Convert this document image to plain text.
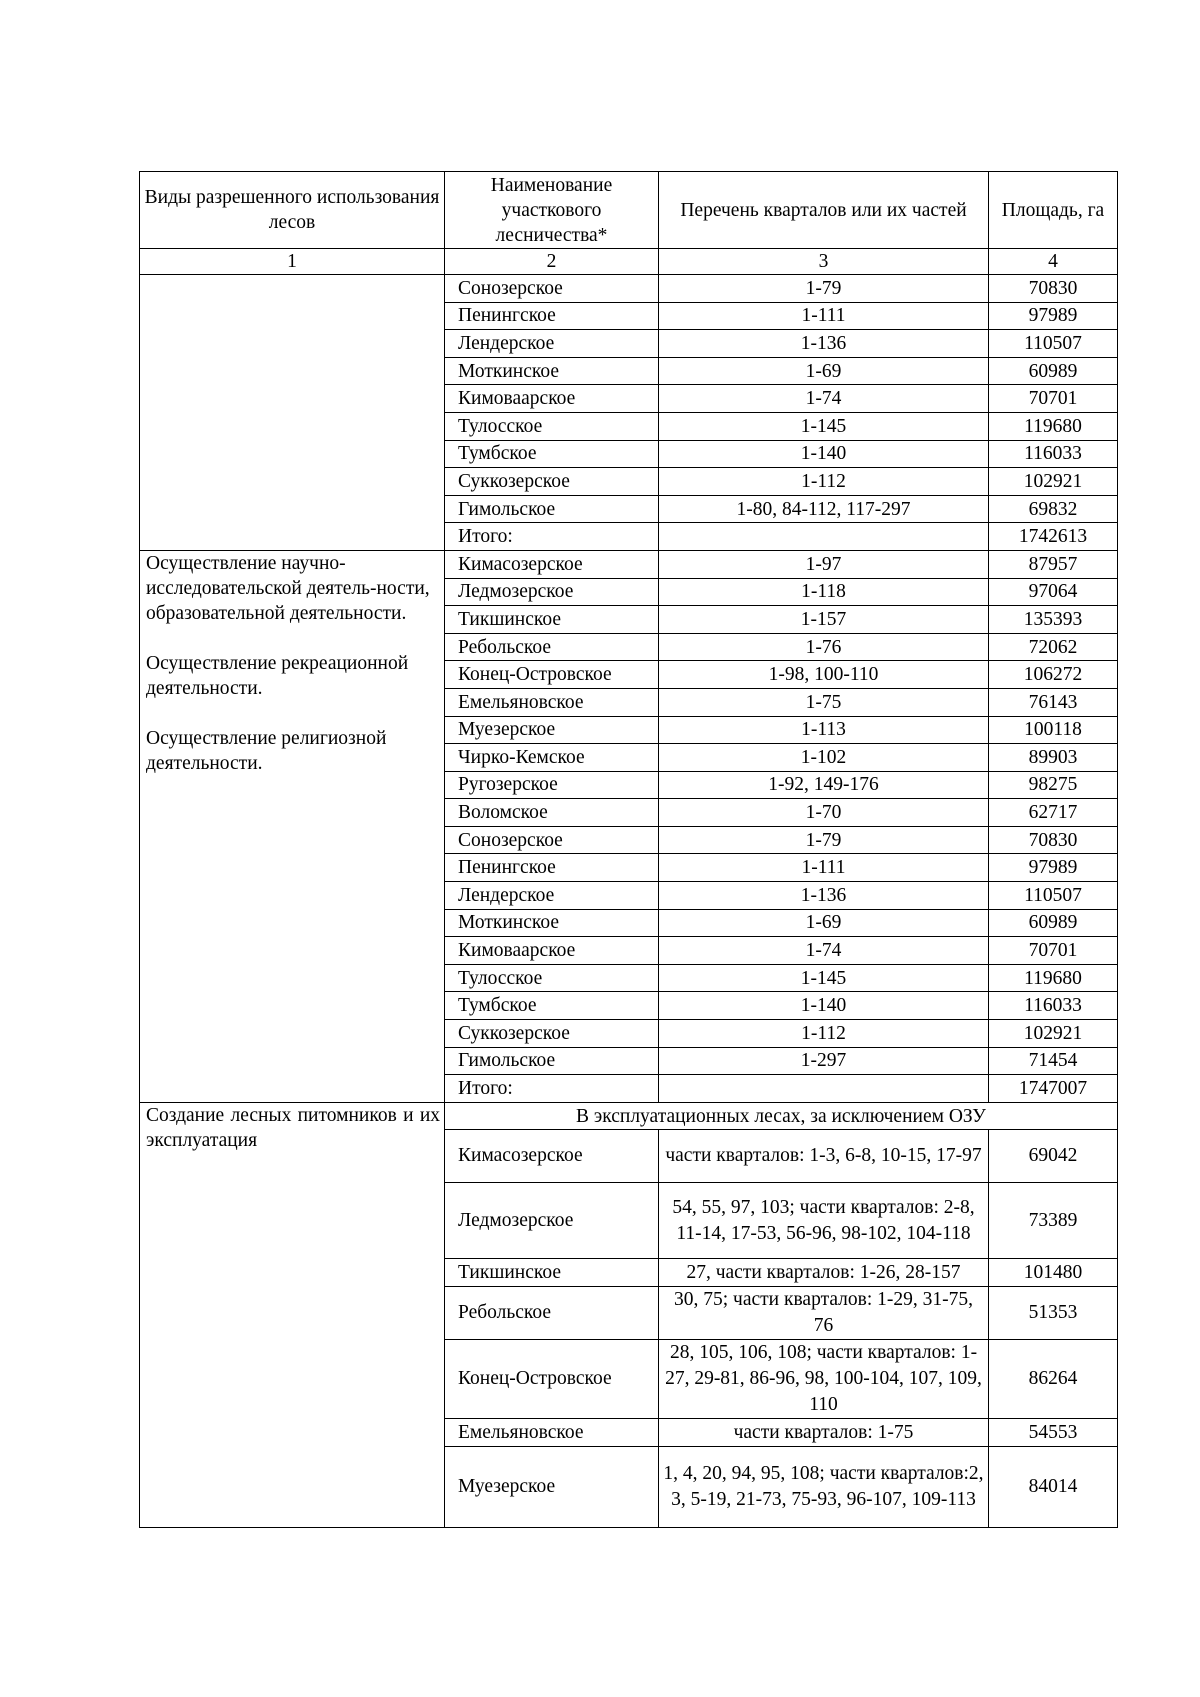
Виды разрешенного использования лесов	Наименование участкового лесничества*	Перечень кварталов или их частей	Площадь, га
1	2	3	4
	Сонозерское	1-79	70830
	Пенингское	1-111	97989
	Лендерское	1-136	110507
	Моткинское	1-69	60989
	Кимоваарское	1-74	70701
	Тулосское	1-145	119680
	Тумбское	1-140	116033
	Суккозерское	1-112	102921
	Гимольское	1-80, 84-112, 117-297	69832
	Итого:		1742613

Осуществление научно-исследовательской деятель-ности, образовательной деятельности.

Осуществление рекреационной деятельности.

Осуществление религиозной деятельности.	Кимасозерское	1-97	87957
	Ледмозерское	1-118	97064
	Тикшинское	1-157	135393
	Ребольское	1-76	72062
	Конец-Островское	1-98, 100-110	106272
	Емельяновское	1-75	76143
	Муезерское	1-113	100118
	Чирко-Кемское	1-102	89903
	Ругозерское	1-92, 149-176	98275
	Воломское	1-70	62717
	Сонозерское	1-79	70830
	Пенингское	1-111	97989
	Лендерское	1-136	110507
	Моткинское	1-69	60989
	Кимоваарское	1-74	70701
	Тулосское	1-145	119680
	Тумбское	1-140	116033
	Суккозерское	1-112	102921
	Гимольское	1-297	71454
	Итого:		1747007
Создание лесных питомников и их эксплуатация	В эксплуатационных лесах, за исключением ОЗУ		
	Кимасозерское	части кварталов: 1-3, 6-8, 10-15, 17-97	69042
	Ледмозерское	54, 55, 97, 103; части кварталов: 2-8, 11-14, 17-53, 56-96, 98-102, 104-118	73389
	Тикшинское	27, части кварталов: 1-26, 28-157	101480
	Ребольское	30, 75; части кварталов: 1-29, 31-75, 76	51353
	Конец-Островское	28, 105, 106, 108; части кварталов: 1-27, 29-81, 86-96, 98, 100-104, 107, 109, 110	86264
	Емельяновское	части кварталов: 1-75	54553
	Муезерское	1, 4, 20, 94, 95, 108; части кварталов:2, 3, 5-19, 21-73, 75-93, 96-107, 109-113	84014
